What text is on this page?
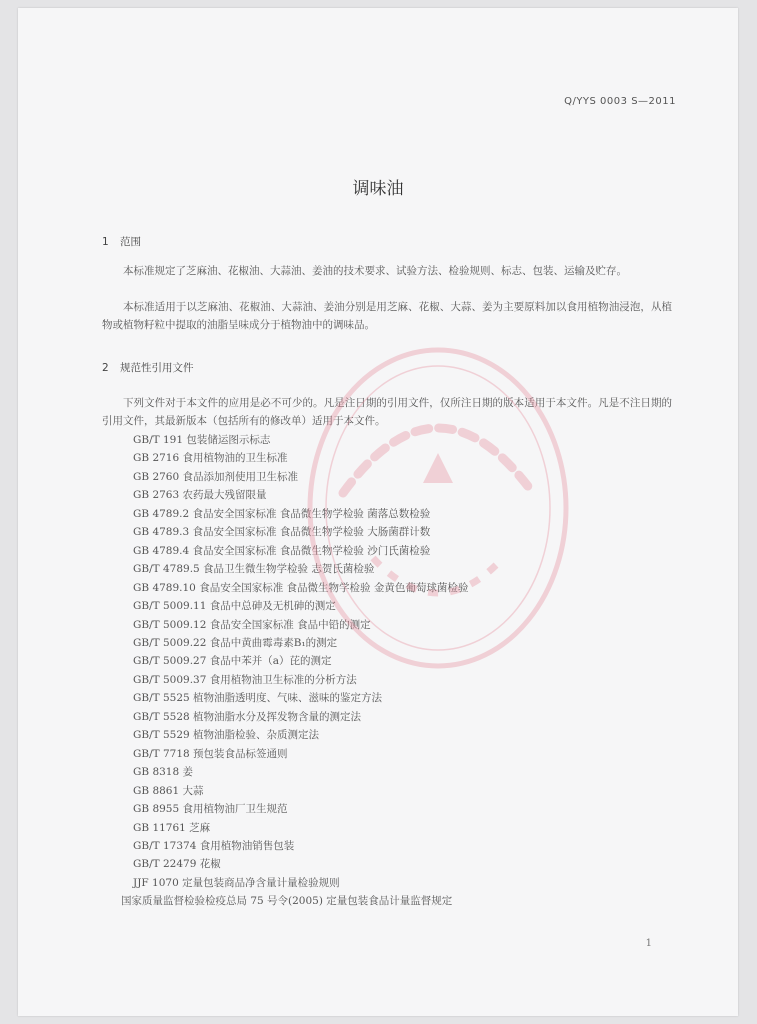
Q/YYS 0003 S—2011
调味油
1 范围

本标准规定了芝麻油、花椒油、大蒜油、姜油的技术要求、试验方法、检验规则、标志、包装、运输及贮存。

本标准适用于以芝麻油、花椒油、大蒜油、姜油分别是用芝麻、花椒、大蒜、姜为主要原料加以食用植物油浸泡，从植物或植物籽粒中提取的油脂呈味成分于植物油中的调味品。

2 规范性引用文件

下列文件对于本文件的应用是必不可少的。凡是注日期的引用文件，仅所注日期的版本适用于本文件。凡是不注日期的引用文件，其最新版本（包括所有的修改单）适用于本文件。

GB/T 191 包装储运图示标志
GB 2716 食用植物油的卫生标准
GB 2760 食品添加剂使用卫生标准
GB 2763 农药最大残留限量
GB 4789.2 食品安全国家标准 食品微生物学检验 菌落总数检验
GB 4789.3 食品安全国家标准 食品微生物学检验 大肠菌群计数
GB 4789.4 食品安全国家标准 食品微生物学检验 沙门氏菌检验
GB/T 4789.5 食品卫生微生物学检验 志贺氏菌检验
GB 4789.10 食品安全国家标准 食品微生物学检验 金黄色葡萄球菌检验
GB/T 5009.11 食品中总砷及无机砷的测定
GB/T 5009.12 食品安全国家标准 食品中铅的测定
GB/T 5009.22 食品中黄曲霉毒素B₁的测定
GB/T 5009.27 食品中苯并（a）芘的测定
GB/T 5009.37 食用植物油卫生标准的分析方法
GB/T 5525 植物油脂透明度、气味、滋味的鉴定方法
GB/T 5528 植物油脂水分及挥发物含量的测定法
GB/T 5529 植物油脂检验、杂质测定法
GB/T 7718 预包装食品标签通则
GB 8318 姜
GB 8861 大蒜
GB 8955 食用植物油厂卫生规范
GB 11761 芝麻
GB/T 17374 食用植物油销售包装
GB/T 22479 花椒
JJF 1070 定量包装商品净含量计量检验规则
国家质量监督检验检疫总局 75 号令(2005) 定量包装食品计量监督规定
1
